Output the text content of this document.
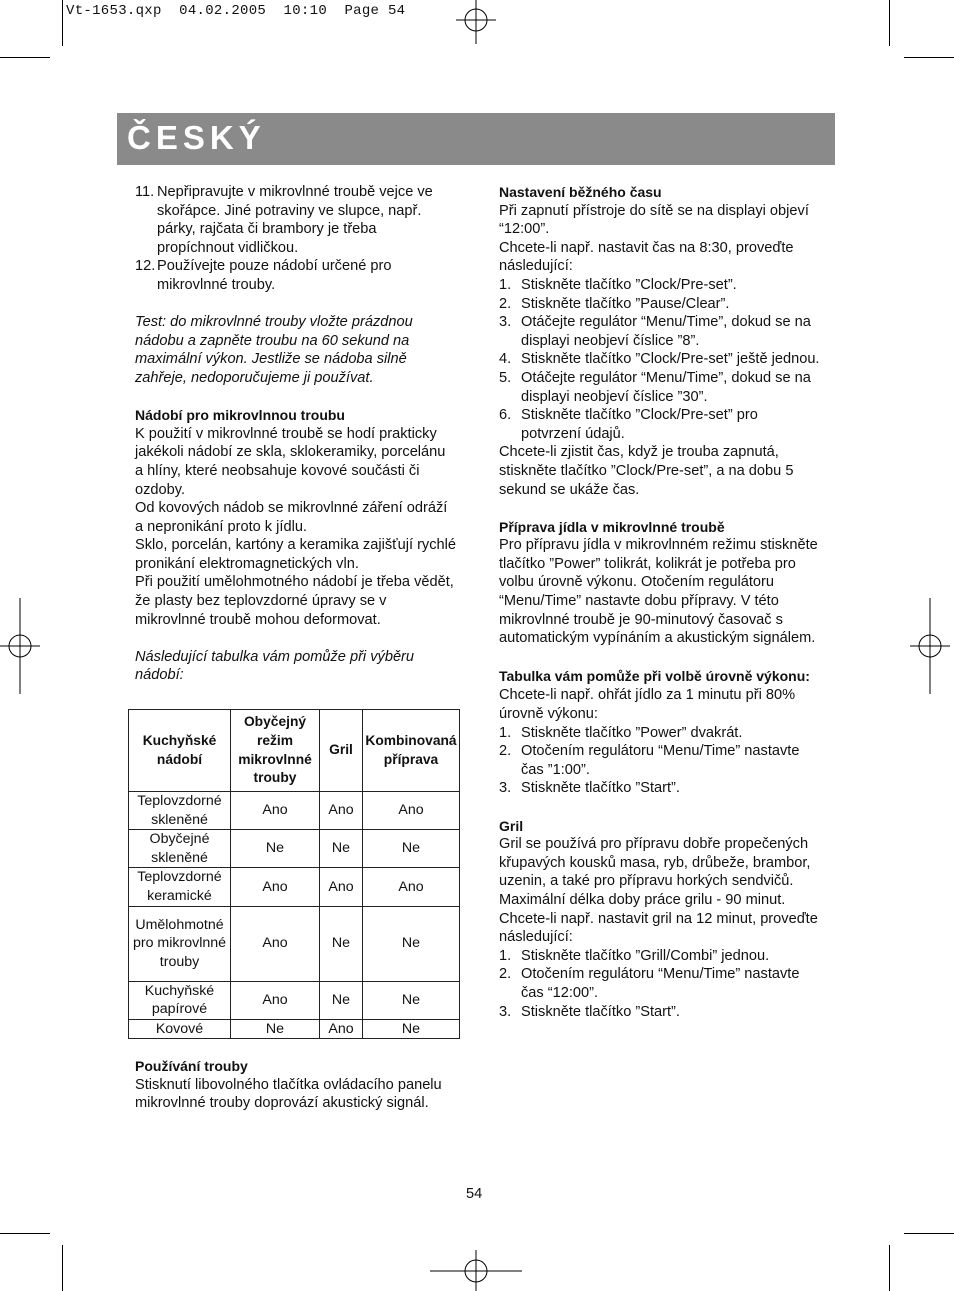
Vt-1653.qxp  04.02.2005  10:10  Page 54
ČESKÝ
11. Nepřipravujte v mikrovlnné troubě vejce ve skořápce. Jiné potraviny ve slupce, např. párky, rajčata či brambory je třeba propíchnout vidličkou.
12. Používejte pouze nádobí určené pro mikrovlnné trouby.

Test: do mikrovlnné trouby vložte prázdnou nádobu a zapněte troubu na 60 sekund na maximální výkon. Jestliže se nádoba silně zahřeje, nedoporučujeme ji používat.

Nádobí pro mikrovlnnou troubu

K použití v mikrovlnné troubě se hodí prakticky jakékoli nádobí ze skla, sklokeramiky, porcelánu a hlíny, které neobsahuje kovové součásti či ozdoby.

Od kovových nádob se mikrovlnné záření odráží a nepronikání proto k jídlu.

Sklo, porcelán, kartóny a keramika zajišťují rychlé pronikání elektromagnetických vln.

Při použití umělohmotného nádobí je třeba vědět, že plasty bez teplovzdorné úpravy se v mikrovlnné troubě mohou deformovat.

Následující tabulka vám pomůže při výběru nádobí:

Kuchyňské nádobí	Obyčejný režim mikrovlnné trouby	Gril	Kombinovaná příprava
Teplovzdorné skleněné	Ano	Ano	Ano
Obyčejné skleněné	Ne	Ne	Ne
Teplovzdorné keramické	Ano	Ano	Ano
Umělohmotné pro mikrovlnné trouby	Ano	Ne	Ne
Kuchyňské papírové	Ano	Ne	Ne
Kovové	Ne	Ano	Ne

Používání trouby

Stisknutí libovolného tlačítka ovládacího panelu mikrovlnné trouby doprovází akustický signál.

Nastavení běžného času

Při zapnutí přístroje do sítě se na displayi objeví “12:00”.

Chcete-li např. nastavit čas na 8:30, proveďte následující:

1. Stiskněte tlačítko ”Clock/Pre-set”.
2. Stiskněte tlačítko ”Pause/Clear”.
3. Otáčejte regulátor “Menu/Time”, dokud se na displayi neobjeví číslice ”8”.
4. Stiskněte tlačítko ”Clock/Pre-set” ještě jednou.
5. Otáčejte regulátor “Menu/Time”, dokud se na displayi neobjeví číslice ”30”.
6. Stiskněte tlačítko ”Clock/Pre-set” pro potvrzení údajů.

Chcete-li zjistit čas, když je trouba zapnutá, stiskněte tlačítko ”Clock/Pre-set”, a na dobu 5 sekund se ukáže čas.

Příprava jídla v mikrovlnné troubě

Pro přípravu jídla v mikrovlnném režimu stiskněte tlačítko ”Power” tolikrát, kolikrát je potřeba pro volbu úrovně výkonu. Otočením regulátoru “Menu/Time” nastavte dobu přípravy. V této mikrovlnné troubě je 90-minutový časovač s automatickým vypínáním a akustickým signálem.

Tabulka vám pomůže při volbě úrovně výkonu:

Chcete-li např. ohřát jídlo za 1 minutu při 80% úrovně výkonu:

1. Stiskněte tlačítko ”Power” dvakrát.
2. Otočením regulátoru “Menu/Time” nastavte čas ”1:00”.
3. Stiskněte tlačítko ”Start”.

Gril

Gril se používá pro přípravu dobře propečených křupavých kousků masa, ryb, drůbeže, brambor, uzenin, a také pro přípravu horkých sendvičů. Maximální délka doby práce grilu - 90 minut.

Chcete-li např. nastavit gril na 12 minut, proveďte následující:

1. Stiskněte tlačítko ”Grill/Combi” jednou.
2. Otočením regulátoru “Menu/Time” nastavte čas “12:00”.
3. Stiskněte tlačítko ”Start”.
54
